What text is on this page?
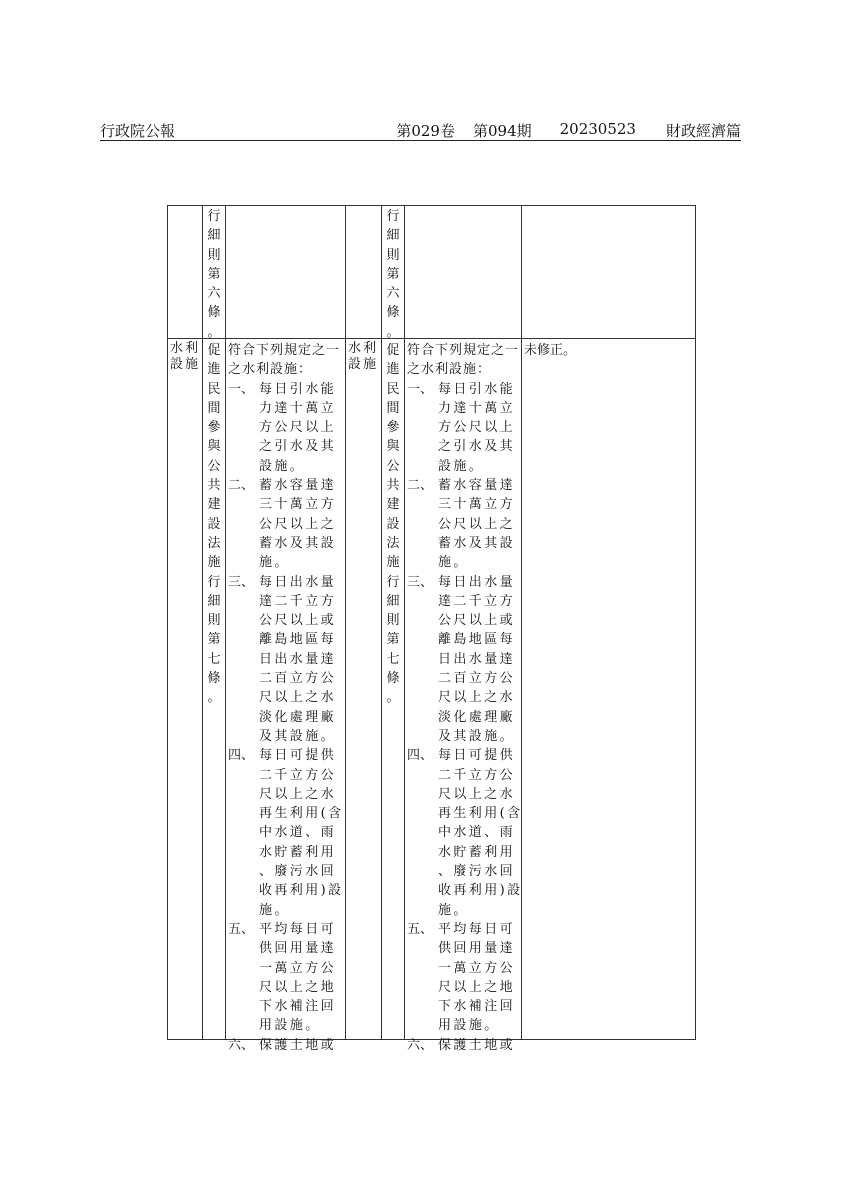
行政院公報	第029卷 第094期 20230523 財政經濟篇
行
細
則
第
六
條
。
行
細
則
第
六
條
。
水利設施
促
進
民
間
參
與
公
共
建
設
法
施
行
細
則
第
七
條
。
符合下列規定之一
之水利設施：
一、 每日引水能
力達十萬立
方公尺以上
之引水及其
設施。
二、 蓄水容量達
三十萬立方
公尺以上之
蓄水及其設
施。
三、 每日出水量
達二千立方
公尺以上或
離島地區每
日出水量達
二百立方公
尺以上之水
淡化處理廠
及其設施。
四、 每日可提供
二千立方公
尺以上之水
再生利用(含
中水道、雨
水貯蓄利用
、廢污水回
收再利用)設
施。
五、 平均每日可
供回用量達
一萬立方公
尺以上之地
下水補注回
用設施。
六、 保護土地或
水利設施
促
進
民
間
參
與
公
共
建
設
法
施
行
細
則
第
七
條
。
符合下列規定之一
之水利設施：
一、 每日引水能
力達十萬立
方公尺以上
之引水及其
設施。
二、 蓄水容量達
三十萬立方
公尺以上之
蓄水及其設
施。
三、 每日出水量
達二千立方
公尺以上或
離島地區每
日出水量達
二百立方公
尺以上之水
淡化處理廠
及其設施。
四、 每日可提供
二千立方公
尺以上之水
再生利用(含
中水道、雨
水貯蓄利用
、廢污水回
收再利用)設
施。
五、 平均每日可
供回用量達
一萬立方公
尺以上之地
下水補注回
用設施。
六、 保護土地或
未修正。
